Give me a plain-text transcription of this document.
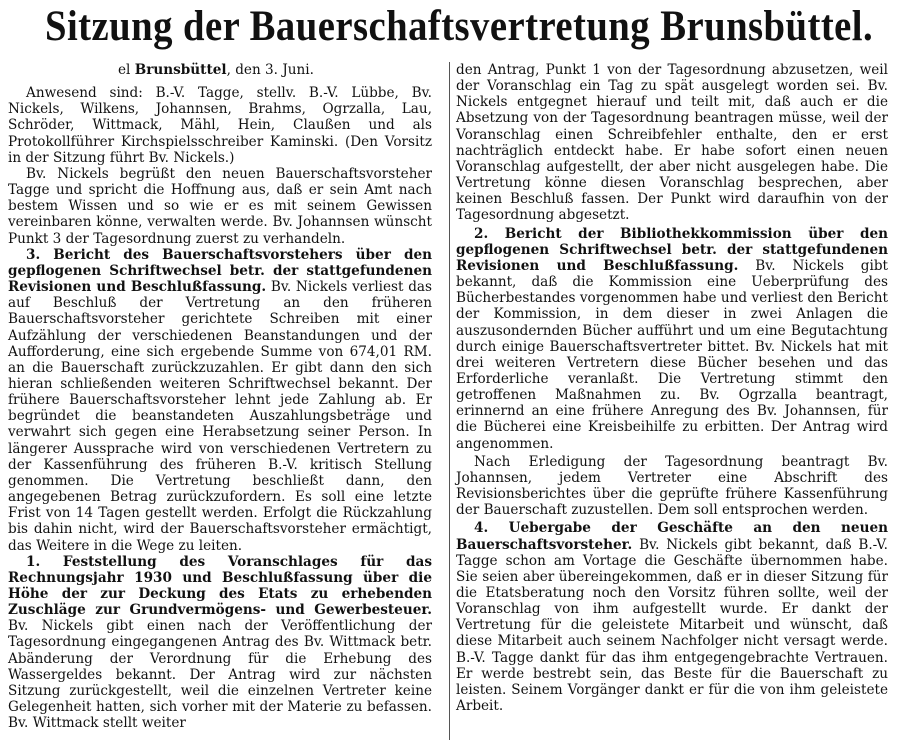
Sitzung der Bauerschaftsvertretung Brunsbüttel.

el Brunsbüttel, den 3. Juni.

Anwesend sind: B.-V. Tagge, stellv. B.-V. Lübbe, Bv. Nickels, Wilkens, Johannsen, Brahms, Ogrzalla, Lau, Schröder, Wittmack, Mähl, Hein, Claußen und als Protokollführer Kirchspielsschreiber Kaminski. (Den Vorsitz in der Sitzung führt Bv. Nickels.)

Bv. Nickels begrüßt den neuen Bauerschaftsvorsteher Tagge und spricht die Hoffnung aus, daß er sein Amt nach bestem Wissen und so wie er es mit seinem Gewissen vereinbaren könne, verwalten werde. Bv. Johannsen wünscht Punkt 3 der Tagesordnung zuerst zu verhandeln.

3. Bericht des Bauerschaftsvorstehers über den gepflogenen Schriftwechsel betr. der stattgefundenen Revisionen und Beschlußfassung. Bv. Nickels verliest das auf Beschluß der Vertretung an den früheren Bauerschaftsvorsteher gerichtete Schreiben mit einer Aufzählung der verschiedenen Beanstandungen und der Aufforderung, eine sich ergebende Summe von 674,01 RM. an die Bauerschaft zurückzuzahlen. Er gibt dann den sich hieran schließenden weiteren Schriftwechsel bekannt. Der frühere Bauerschaftsvorsteher lehnt jede Zahlung ab. Er begründet die beanstandeten Auszahlungsbeträge und verwahrt sich gegen eine Herabsetzung seiner Person. In längerer Aussprache wird von verschiedenen Vertretern zu der Kassenführung des früheren B.-V. kritisch Stellung genommen. Die Vertretung beschließt dann, den angegebenen Betrag zurückzufordern. Es soll eine letzte Frist von 14 Tagen gestellt werden. Erfolgt die Rückzahlung bis dahin nicht, wird der Bauerschaftsvorsteher ermächtigt, das Weitere in die Wege zu leiten.

1. Feststellung des Voranschlages für das Rechnungsjahr 1930 und Beschlußfassung über die Höhe der zur Deckung des Etats zu erhebenden Zuschläge zur Grundvermögens- und Gewerbesteuer. Bv. Nickels gibt einen nach der Veröffentlichung der Tagesordnung eingegangenen Antrag des Bv. Wittmack betr. Abänderung der Verordnung für die Erhebung des Wassergeldes bekannt. Der Antrag wird zur nächsten Sitzung zurückgestellt, weil die einzelnen Vertreter keine Gelegenheit hatten, sich vorher mit der Materie zu befassen. Bv. Wittmack stellt weiter

den Antrag, Punkt 1 von der Tagesordnung abzusetzen, weil der Voranschlag ein Tag zu spät ausgelegt worden sei. Bv. Nickels entgegnet hierauf und teilt mit, daß auch er die Absetzung von der Tagesordnung beantragen müsse, weil der Voranschlag einen Schreibfehler enthalte, den er erst nachträglich entdeckt habe. Er habe sofort einen neuen Voranschlag aufgestellt, der aber nicht ausgelegen habe. Die Vertretung könne diesen Voranschlag besprechen, aber keinen Beschluß fassen. Der Punkt wird daraufhin von der Tagesordnung abgesetzt.

2. Bericht der Bibliothekkommission über den gepflogenen Schriftwechsel betr. der stattgefundenen Revisionen und Beschlußfassung. Bv. Nickels gibt bekannt, daß die Kommission eine Ueberprüfung des Bücherbestandes vorgenommen habe und verliest den Bericht der Kommission, in dem dieser in zwei Anlagen die auszusondernden Bücher aufführt und um eine Begutachtung durch einige Bauerschaftsvertreter bittet. Bv. Nickels hat mit drei weiteren Vertretern diese Bücher besehen und das Erforderliche veranlaßt. Die Vertretung stimmt den getroffenen Maßnahmen zu. Bv. Ogrzalla beantragt, erinnernd an eine frühere Anregung des Bv. Johannsen, für die Bücherei eine Kreisbeihilfe zu erbitten. Der Antrag wird angenommen.

Nach Erledigung der Tagesordnung beantragt Bv. Johannsen, jedem Vertreter eine Abschrift des Revisionsberichtes über die geprüfte frühere Kassenführung der Bauerschaft zuzustellen. Dem soll entsprochen werden.

4. Uebergabe der Geschäfte an den neuen Bauerschaftsvorsteher. Bv. Nickels gibt bekannt, daß B.-V. Tagge schon am Vortage die Geschäfte übernommen habe. Sie seien aber übereingekommen, daß er in dieser Sitzung für die Etatsberatung noch den Vorsitz führen sollte, weil der Voranschlag von ihm aufgestellt wurde. Er dankt der Vertretung für die geleistete Mitarbeit und wünscht, daß diese Mitarbeit auch seinem Nachfolger nicht versagt werde. B.-V. Tagge dankt für das ihm entgegengebrachte Vertrauen. Er werde bestrebt sein, das Beste für die Bauerschaft zu leisten. Seinem Vorgänger dankt er für die von ihm geleistete Arbeit.
